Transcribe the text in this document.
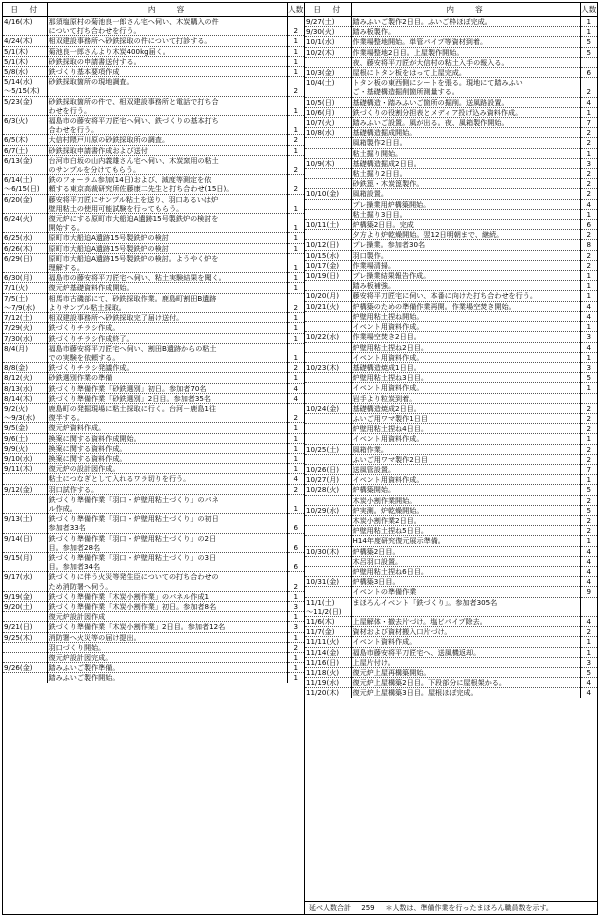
日　付	内　　容	人数
4/16(木)	那須塩原村の菊池良一郎さん宅へ伺い、木炭購入の件	
	について打ち合わせを行う。	2
4/24(木)	相双建設事務所へ砂鉄採取の件について打診する。	1
5/1(木)	菊池良一郎さんより木炭400kg届く。	1
5/1(木)	砂鉄採取の申請書送付する。	1
5/8(水)	鉄づくり基本要項作成	1
5/14(水)	砂鉄採取箇所の現地調査。	
～5/15(木)		2
5/23(金)	砂鉄採取箇所の件で、相双建設事務所と電話で打ち合	
	わせを行う。	1
6/3(火)	福島市の藤安将平刀匠宅へ伺い、鉄づくりの基本打ち	
	合わせを行う。	1
6/5(木)	大信村隈戸川原の砂鉄採取所の調査。	2
6/7(土)	砂鉄採取申請書作成および送付	1
6/13(金)	台河市白坂の山内義雄さん宅へ伺い、木炭窯用の粘土	
	のサンプルを分けてもらう。	2
6/14(土)	鉄のフォーラム参加(14日)および、減度等測定を依	
～6/15(日)	頼する東京高裁研究所佐藤康二先生と打ち合わせ(15日)。	2
6/20(金)	藤安将平刀匠にサンプル粘土を送り、羽口あるいは炉	
	壁用粘土の使用可能試験を行ってもらう。	1
6/24(火)	復元炉にする原町市大船迫A遺跡15号製鉄炉の検討を	
	開始する。	1
6/25(水)	原町市大船迫A遺跡15号製鉄炉の検討	1
6/26(木)	原町市大船迫A遺跡15号製鉄炉の検討	1
6/29(日)	原町市大船迫A遺跡15号製鉄炉の検討。ようやく炉を	
	理解する。	1
6/30(月)	福島市の藤安将平刀匠宅へ伺い、粘土実験結果を聞く。	1
7/1(火)	復元炉基礎資料作成開始。	1
7/5(土)	相馬市古磯部にて、砂鉄採取作業。鹿島町割田B遺跡	
～7/9(水)	よりサンプル粘土採取。	2
7/12(土)	相双建設事務所へ砂鉄採取完了届け送付。	1
7/29(火)	鉄づくりチラシ作成。	1
7/30(水)	鉄づくりチラシ作成終了。	1
8/4(月)	福島市藤安将平刀匠宅へ伺い、割田B遺跡からの粘土	
	での実験を依頼する。	1
8/8(金)	鉄づくりチラシ発議作成。	2
8/12(火)	砂鉄選別作業の準備	1
8/13(水)	鉄づくり準備作業「砂鉄選別」初日。参加者70名	4
8/14(木)	鉄づくり準備作業「砂鉄選別」2日目。参加者35名	4
9/2(火)	鹿島町の発掘現場に粘土採取に行く。台河－鹿島1往	
～9/3(水)	復半する。	2
9/5(金)	復元炉資料作成。	1
9/6(土)	換案に関する資料作成開始。	1
9/9(火)	換案に関する資料作成。	1
9/10(水)	換案に関する資料作成。	1
9/11(木)	復元炉の設計図作成。	1
	粘土につなぎとして入れるワラ切りを行う。	4
9/12(金)	羽口試作する。	2
	鉄づくり準備作業「羽口・炉壁用粘土づくり」のパネ	
	ル作成。	1
9/13(土)	鉄づくり準備作業「羽口・炉壁用粘土づくり」の初日	
	参加者33名	6
9/14(日)	鉄づくり準備作業「羽口・炉壁用粘土づくり」の2日	
	目。参加者28名	6
9/15(月)	鉄づくり準備作業「羽口・炉壁用粘土づくり」の3日	
	目。参加者34名	6
9/17(水)	鉄づくりに伴う火災等発生臣についての打ち合わせの	
	ため消防署へ伺う。	2
9/19(金)	鉄づくり準備作業「木炭小割作業」のパネル作成1	1
9/20(土)	鉄づくり準備作業「木炭小割作業」初日。参加者8名	3
	復元炉設計図作成	1
9/21(日)	鉄づくり準備作業「木炭小割作業」2日目。参加者12名	3
9/25(木)	消防署へ火災等の届け提出。	1
	羽口づくり開始。	2
	復元炉設計図完成。	1
9/26(金)	踏みふいご製作準備。	1
	踏みふいご製作開始。	1
日　付	内　　容	人数
9/27(土)	踏みふいご製作2日目。ふいご枠ほぼ完成。	1
9/30(火)	踏み板製作。	1
10/1(水)	作業場整地開始。単管パイプ等資材到着。	5
10/2(木)	作業場整地2日目。上屋製作開始。	5
	夜、藤安将平刀匠が大信村の粘土入手の報入る。	
10/3(金)	屋根にトタン板をはって上屋完成。	6
10/4(土)	トタン板の東西側にシートを張る。現地にて踏みふい	
	ご・基礎構造掘削箇所測量する。	2
10/5(日)	基礎構造・踏みふいご箇所の掘削。送風路設置。	4
10/6(月)	鉄づくりの役割分担表とメディア投げ込み資料作成。	1
10/7(火)	踏みふいご設置。風が出る。夜、風箱製作開始。	7
10/8(水)	基礎構造掘成開始。	2
	風箱製作2日目。	2
	粘土掘り開始。	1
10/9(木)	基礎構造掘成2日目。	3
	粘土掘り2日目。	2
	砂鉄箆・木炭箆製作。	2
10/10(金)	風箱設置。	2
	プレ操業用炉構築開始。	4
	粘土掘り3日目。	1
10/11(土)	炉構築2日目。完成	6
	夕方より炉乾燥開始。翌12日明朝まで、継続。	2
10/12(日)	プレ操業。参加者30名	8
10/15(水)	羽口製作。	2
10/17(金)	作業場清掃。	2
10/19(日)	プレ操業結果報告作成。	1
	踏み板補強。	1
10/20(月)	藤安将平刀匠宅に伺い、本番に向けた打ち合わせを行う。	1
10/21(火)	炉構築のための準備作業再開。作業場空焚き開始。	4
	炉壁用粘土捏ね開始。	4
	イベント用資料作成。	1
10/22(水)	作業場空焚き2日目。	3
	炉壁用粘土捏ね2日目。	4
	イベント用資料作成。	1
10/23(木)	基礎構造焼成1日目。	3
	炉壁用粘土捏ね3日目。	5
	イベント用資料作成。	1
	岩手より粒炭到着。	
10/24(金)	基礎構造焼成2日目。	2
	ふいご用ワマ製作1日目	2
	炉壁用粘土捏ね4日目。	2
	イベント用資料作成。	1
10/25(土)	風箱作業。	2
	ふいご用ワマ製作2日目	2
10/26(日)	送風管設置。	7
10/27(月)	イベント用資料作成。	1
10/28(火)	炉構築開始。	5
	木炭小割作業開始。	2
10/29(水)	炉実測。炉乾燥開始。	5
	木炭小割作業2日目。	2
	炉壁用粘土捏ね5日目。	2
	H14年度研究復元展示準備。	1
10/30(木)	炉構築2日目。	4
	木呂羽口設置。	4
	炉壁用粘土捏ね6日目。	4
10/31(金)	炉構築3日目。	4
	イベントの準備作業	9
11/1(土)	まほろんイベント「鉄づくり」。参加者305名	
～11/2(日)		
11/6(木)	上屋解体・撤去片づけ。塩ビパイプ除去。	4
11/7(金)	資材および資材搬入口片づけ。	2
11/11(火)	イベント資料作成。	1
11/14(金)	福島市藤安将平刀匠宅へ、送風機返却。	1
11/16(日)	上屋片付け。	3
11/18(火)	復元炉上屋再構築開始。	5
11/19(水)	復元炉上屋構築2日目。下段部分に屋根架かる。	4
11/20(木)	復元炉上屋構築3日目。屋根ほぼ完成。	4
延べ人数合計 259 ＊人数は、準備作業を行ったまほろん職員数を示す。
